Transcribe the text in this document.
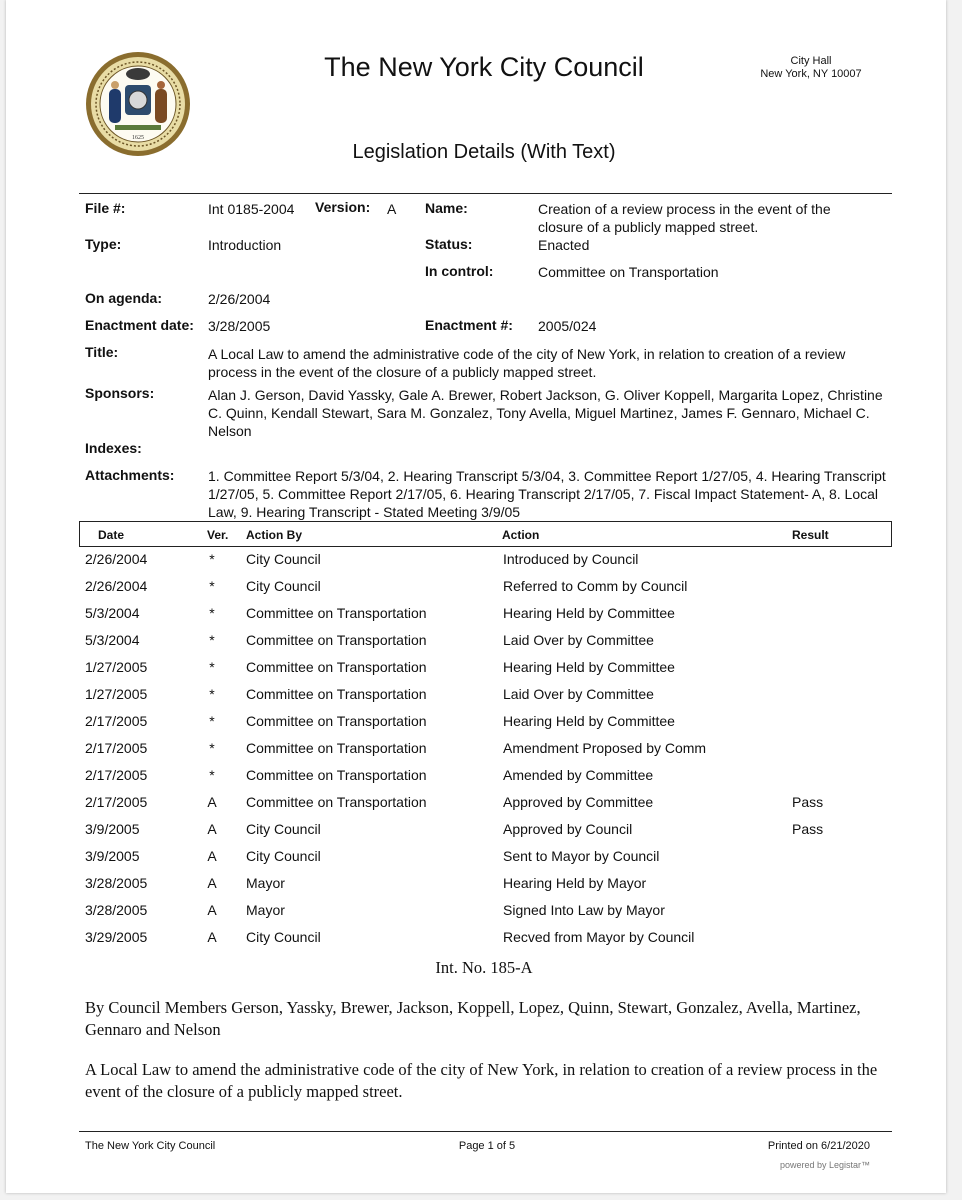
1625
The New York City Council	City Hall
New York, NY 10007
Legislation Details (With Text)
File #:	Int 0185-2004 Version: A Name:	Creation of a review process in the event of the closure of a publicly mapped street.
Type:	Introduction	Status:	Enacted
In control:	Committee on Transportation
On agenda:	2/26/2004
Enactment date: 3/28/2005	Enactment #: 2005/024
Title:	A Local Law to amend the administrative code of the city of New York, in relation to creation of a review process in the event of the closure of a publicly mapped street.
Sponsors:	Alan J. Gerson, David Yassky, Gale A. Brewer, Robert Jackson, G. Oliver Koppell, Margarita Lopez, Christine C. Quinn, Kendall Stewart, Sara M. Gonzalez, Tony Avella, Miguel Martinez, James F. Gennaro, Michael C. Nelson
Indexes:
Attachments: 1. Committee Report 5/3/04, 2. Hearing Transcript 5/3/04, 3. Committee Report 1/27/05, 4. Hearing Transcript 1/27/05, 5. Committee Report 2/17/05, 6. Hearing Transcript 2/17/05, 7. Fiscal Impact Statement- A, 8. Local Law, 9. Hearing Transcript - Stated Meeting 3/9/05
Date	Ver. Action By	Action	Result
2/26/2004	*	City Council	Introduced by Council
2/26/2004	*	City Council	Referred to Comm by Council
5/3/2004	*	Committee on Transportation	Hearing Held by Committee
5/3/2004	*	Committee on Transportation	Laid Over by Committee
1/27/2005	*	Committee on Transportation	Hearing Held by Committee
1/27/2005	*	Committee on Transportation	Laid Over by Committee
2/17/2005	*	Committee on Transportation	Hearing Held by Committee
2/17/2005	*	Committee on Transportation	Amendment Proposed by Comm
2/17/2005	*	Committee on Transportation	Amended by Committee
2/17/2005	A Committee on Transportation	Approved by Committee	Pass
3/9/2005	A City Council	Approved by Council	Pass
3/9/2005	A City Council	Sent to Mayor by Council
3/28/2005	A Mayor	Hearing Held by Mayor
3/28/2005	A Mayor	Signed Into Law by Mayor
3/29/2005	A City Council	Recved from Mayor by Council
Int. No. 185-A
By Council Members Gerson, Yassky, Brewer, Jackson, Koppell, Lopez, Quinn, Stewart, Gonzalez, Avella, Martinez, Gennaro and Nelson
A Local Law to amend the administrative code of the city of New York, in relation to creation of a review process in the event of the closure of a publicly mapped street.
The New York City Council	Page 1 of 5	Printed on 6/21/2020
powered by Legistar™
